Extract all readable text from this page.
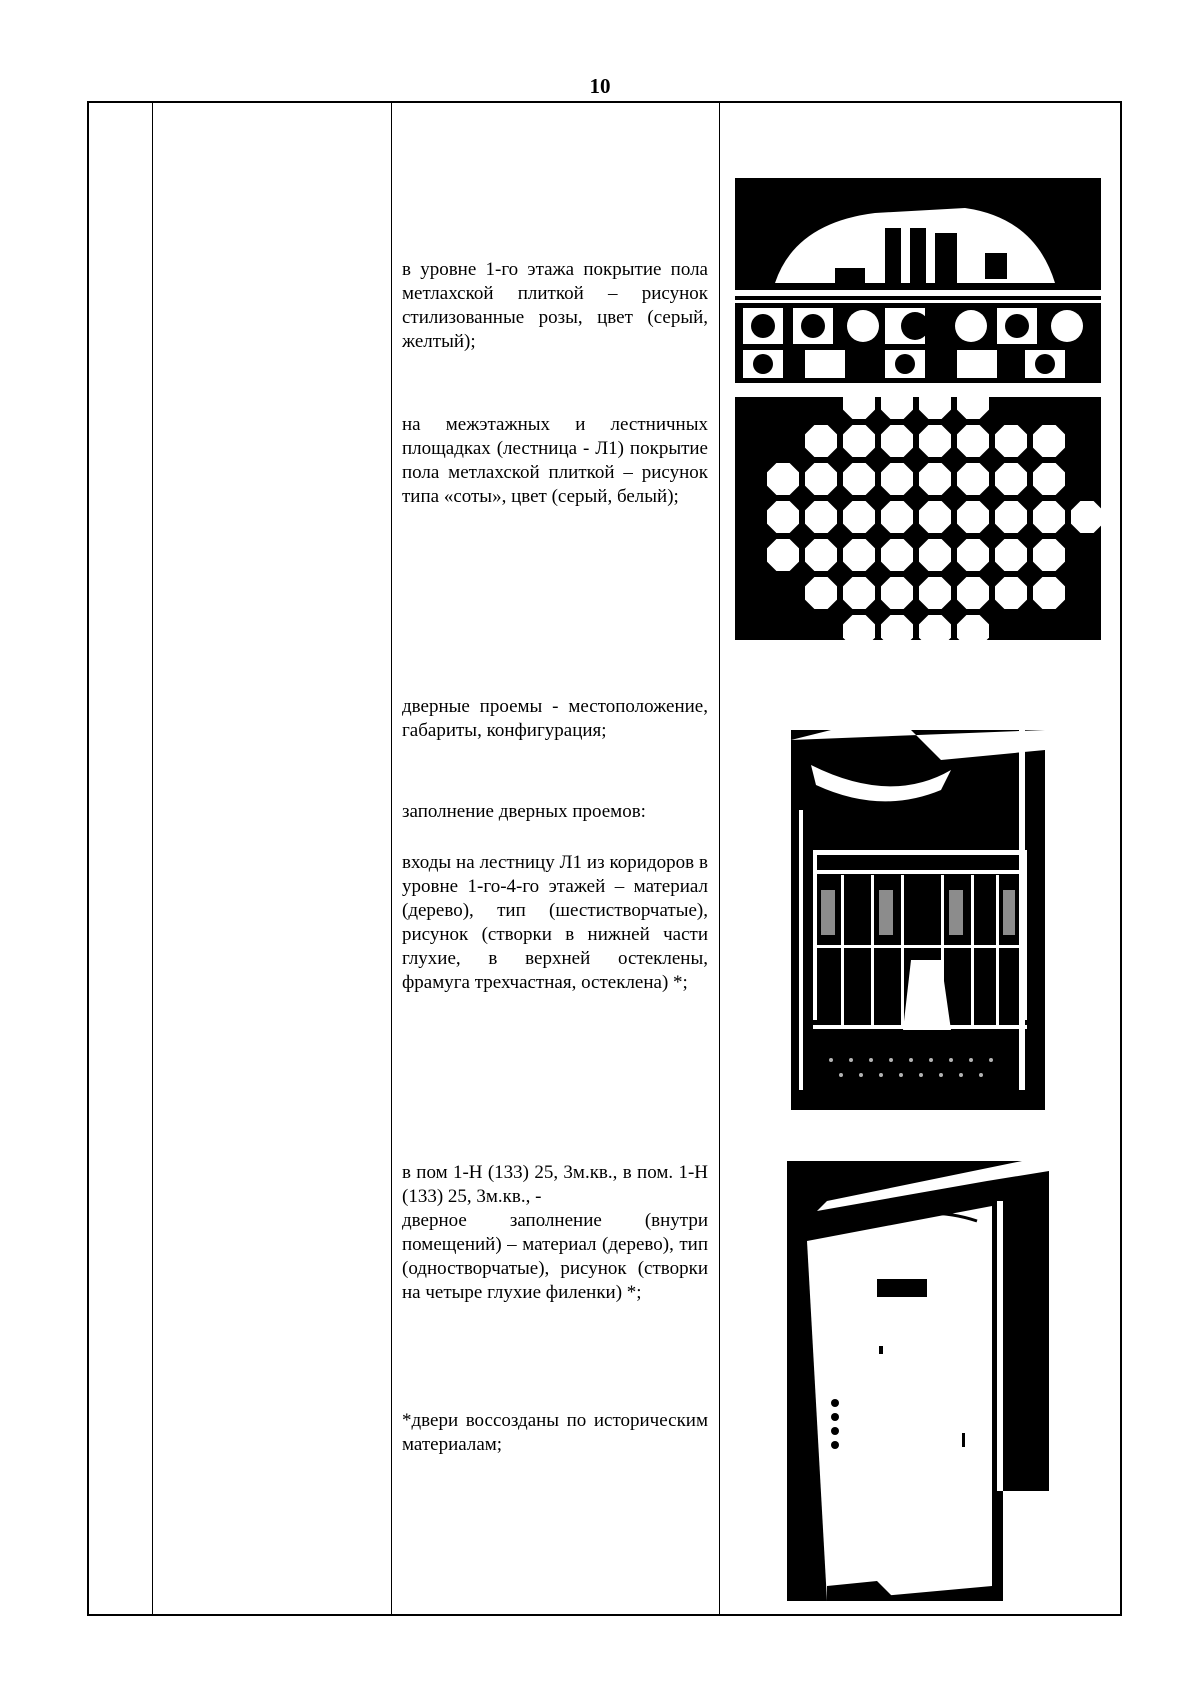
10
в уровне 1-го этажа покрытие пола метлахской плиткой – рисунок стилизованные розы, цвет (серый, желтый);
на межэтажных и лестничных площадках (лестница - Л1) покрытие пола метлахской плиткой – рисунок типа «соты», цвет (серый, белый);
дверные проемы - местоположение, габариты, конфигурация;
заполнение дверных проемов:
входы на лестницу Л1 из коридоров в уровне 1-го-4-го этажей – материал (дерево), тип (шестистворчатые), рисунок (створки в нижней части глухие, в верхней остеклены, фрамуга трехчастная, остеклена) *;
в пом 1-Н (133) 25, 3м.кв., в пом. 1-Н (133) 25, 3м.кв., -
дверное заполнение (внутри помещений) – материал (дерево), тип (одностворчатые), рисунок (створки на четыре глухие филенки) *;
*двери воссозданы по историческим материалам;
